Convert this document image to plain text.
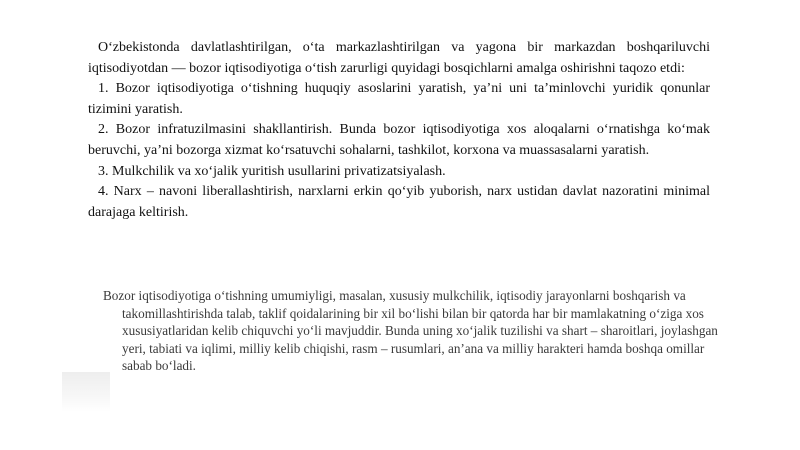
O‘zbekistonda davlatlashtirilgan, o‘ta markazlashtirilgan va yagona bir markazdan boshqariluvchi iqtisodiyotdan — bozor iqtisodiyotiga o‘tish zarurligi quyidagi bosqichlarni amalga oshirishni taqozo etdi:

1. Bozor iqtisodiyotiga o‘tishning huquqiy asoslarini yaratish, ya’ni uni ta’minlovchi yuridik qonunlar tizimini yaratish.

2. Bozor infratuzilmasini shakllantirish. Bunda bozor iqtisodiyotiga xos aloqalarni o‘rnatishga ko‘mak beruvchi, ya’ni bozorga xizmat ko‘rsatuvchi sohalarni, tashkilot, korxona va muassasalarni yaratish.

3. Mulkchilik va xo‘jalik yuritish usullarini privatizatsiyalash.

4. Narx – navoni liberallashtirish, narxlarni erkin qo‘yib yuborish, narx ustidan davlat nazoratini minimal darajaga keltirish.

Bozor iqtisodiyotiga o‘tishning umumiyligi, masalan, xususiy mulkchilik, iqtisodiy jarayonlarni boshqarish va takomillashtirishda talab, taklif qoidalarining bir xil bo‘lishi bilan bir qatorda har bir mamlakatning o‘ziga xos xususiyatlaridan kelib chiquvchi yo‘li mavjuddir. Bunda uning xo‘jalik tuzilishi va shart – sharoitlari, joylashgan yeri, tabiati va iqlimi, milliy kelib chiqishi, rasm – rusumlari, an’ana va milliy harakteri hamda boshqa omillar sabab bo‘ladi.
